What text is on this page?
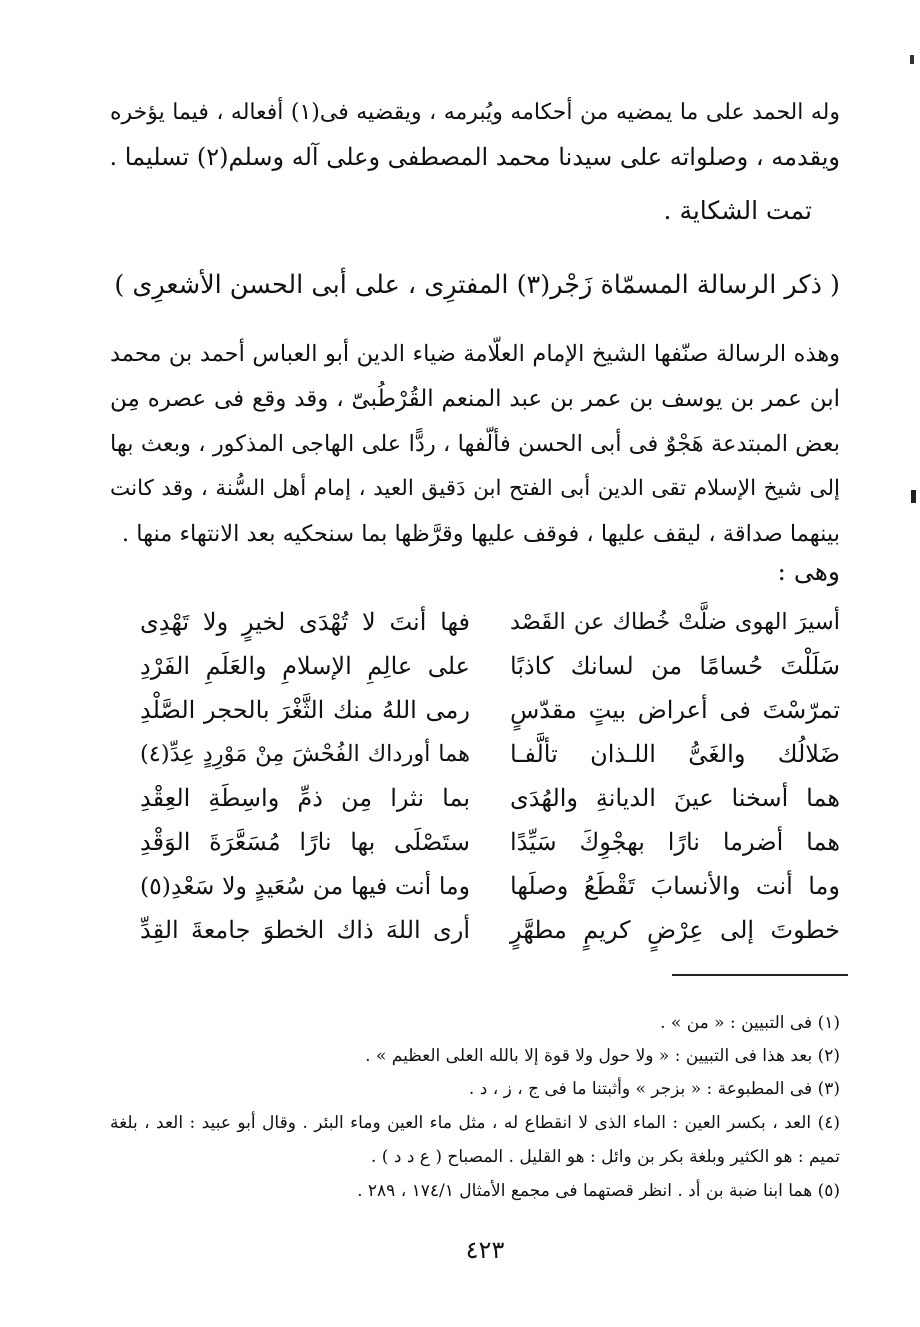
وله الحمد على ما يمضيه من أحكامه ويُبرمه ، ويقضيه فى(١) أفعاله ، فيما يؤخره
ويقدمه ، وصلواته على سيدنا محمد المصطفى وعلى آله وسلم(٢) تسليما .
تمت الشكاية .
( ذكر الرسالة المسمّاة زَجْر(٣) المفترِى ، على أبى الحسن الأشعرِى )
وهذه الرسالة صنّفها الشيخ الإمام العلّامة ضياء الدين أبو العباس أحمد بن محمد
ابن عمر بن يوسف بن عمر بن عبد المنعم القُرْطُبىّ ، وقد وقع فى عصره مِن
بعض المبتدعة هَجْوٌ فى أبى الحسن فألّفها ، ردًّا على الهاجى المذكور ، وبعث بها
إلى شيخ الإسلام تقى الدين أبى الفتح ابن دَقيق العيد ، إمام أهل السُّنة ، وقد كانت
بينهما صداقة ، ليقف عليها ، فوقف عليها وقرَّظها بما سنحكيه بعد الانتهاء منها .
وهى :
أسيرَ الهوى ضلَّتْ خُطاك عن القَصْد
فها أنتَ لا تُهْدَى لخيرٍ ولا تَهْدِى
سَلَلْتَ حُسامًا من لسانك كاذبًا
على عالِمِ الإسلامِ والعَلَمِ الفَرْدِ
تمرّسْتَ فى أعراض بيتٍ مقدّسٍ
رمى اللهُ منك الثَّغْرَ بالحجر الصَّلْدِ
ضَلالُك والغَىُّ اللـذان تألَّفـا
هما أورداك الفُحْشَ مِنْ مَوْرِدٍ عِدِّ(٤)
هما أسخنا عينَ الديانةِ والهُدَى
بما نثرا مِن ذمِّ واسِطَةِ العِقْدِ
هما أضرما نارًا بهجْوِكَ سَيِّدًا
ستَصْلَى بها نارًا مُسَعَّرَةَ الوَقْدِ
وما أنت والأنسابَ تَقْطَعُ وصلَها
وما أنت فيها من سُعَيدٍ ولا سَعْدِ(٥)
خطوتَ إلى عِرْضٍ كريمٍ مطهَّرٍ
أرى اللهَ ذاك الخطوَ جامعةَ القِدِّ
(١) فى التبيين : « من » .
(٢) بعد هذا فى التبيين : « ولا حول ولا قوة إلا بالله العلى العظيم » .
(٣) فى المطبوعة : « بزجر » وأثبتنا ما فى ج ، ز ، د .
(٤) العد ، بكسر العين : الماء الذى لا انقطاع له ، مثل ماء العين وماء البئر . وقال أبو عبيد : العد ، بلغة
تميم : هو الكثير وبلغة بكر بن وائل : هو القليل . المصباح ( ع د د ) .
(٥) هما ابنا ضبة بن أد . انظر قصتهما فى مجمع الأمثال ١٧٤/١ ، ٢٨٩ .
٤٢٣
